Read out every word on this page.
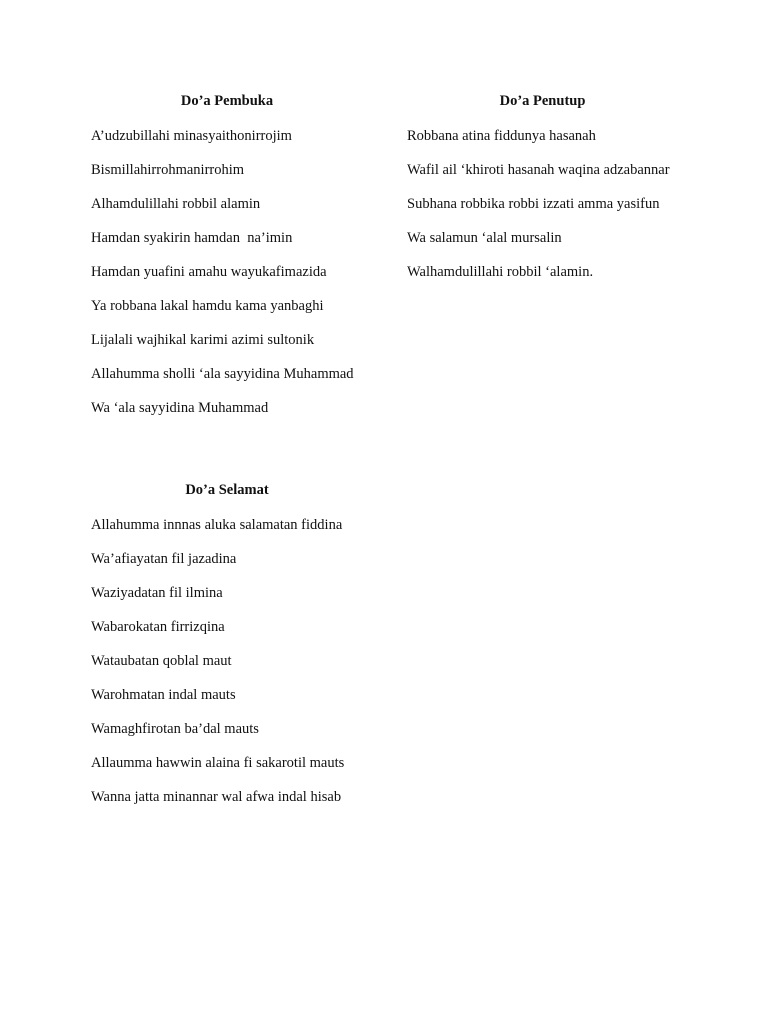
Do’a Pembuka
A’udzubillahi minasyaithonirrojim
Bismillahirrohmanirrohim
Alhamdulillahi robbil alamin
Hamdan syakirin hamdan  na’imin
Hamdan yuafini amahu wayukafimazida
Ya robbana lakal hamdu kama yanbaghi
Lijalali wajhikal karimi azimi sultonik
Allahumma sholli ‘ala sayyidina Muhammad
Wa ‘ala sayyidina Muhammad
Do’a Penutup
Robbana atina fiddunya hasanah
Wafil ail ‘khiroti hasanah waqina adzabannar
Subhana robbika robbi izzati amma yasifun
Wa salamun ‘alal mursalin
Walhamdulillahi robbil ‘alamin.
Do’a Selamat
Allahumma innnas aluka salamatan fiddina
Wa’afiayatan fil jazadina
Waziyadatan fil ilmina
Wabarokatan firrizqina
Wataubatan qoblal maut
Warohmatan indal mauts
Wamaghfirotan ba’dal mauts
Allaumma hawwin alaina fi sakarotil mauts
Wanna jatta minannar wal afwa indal hisab
